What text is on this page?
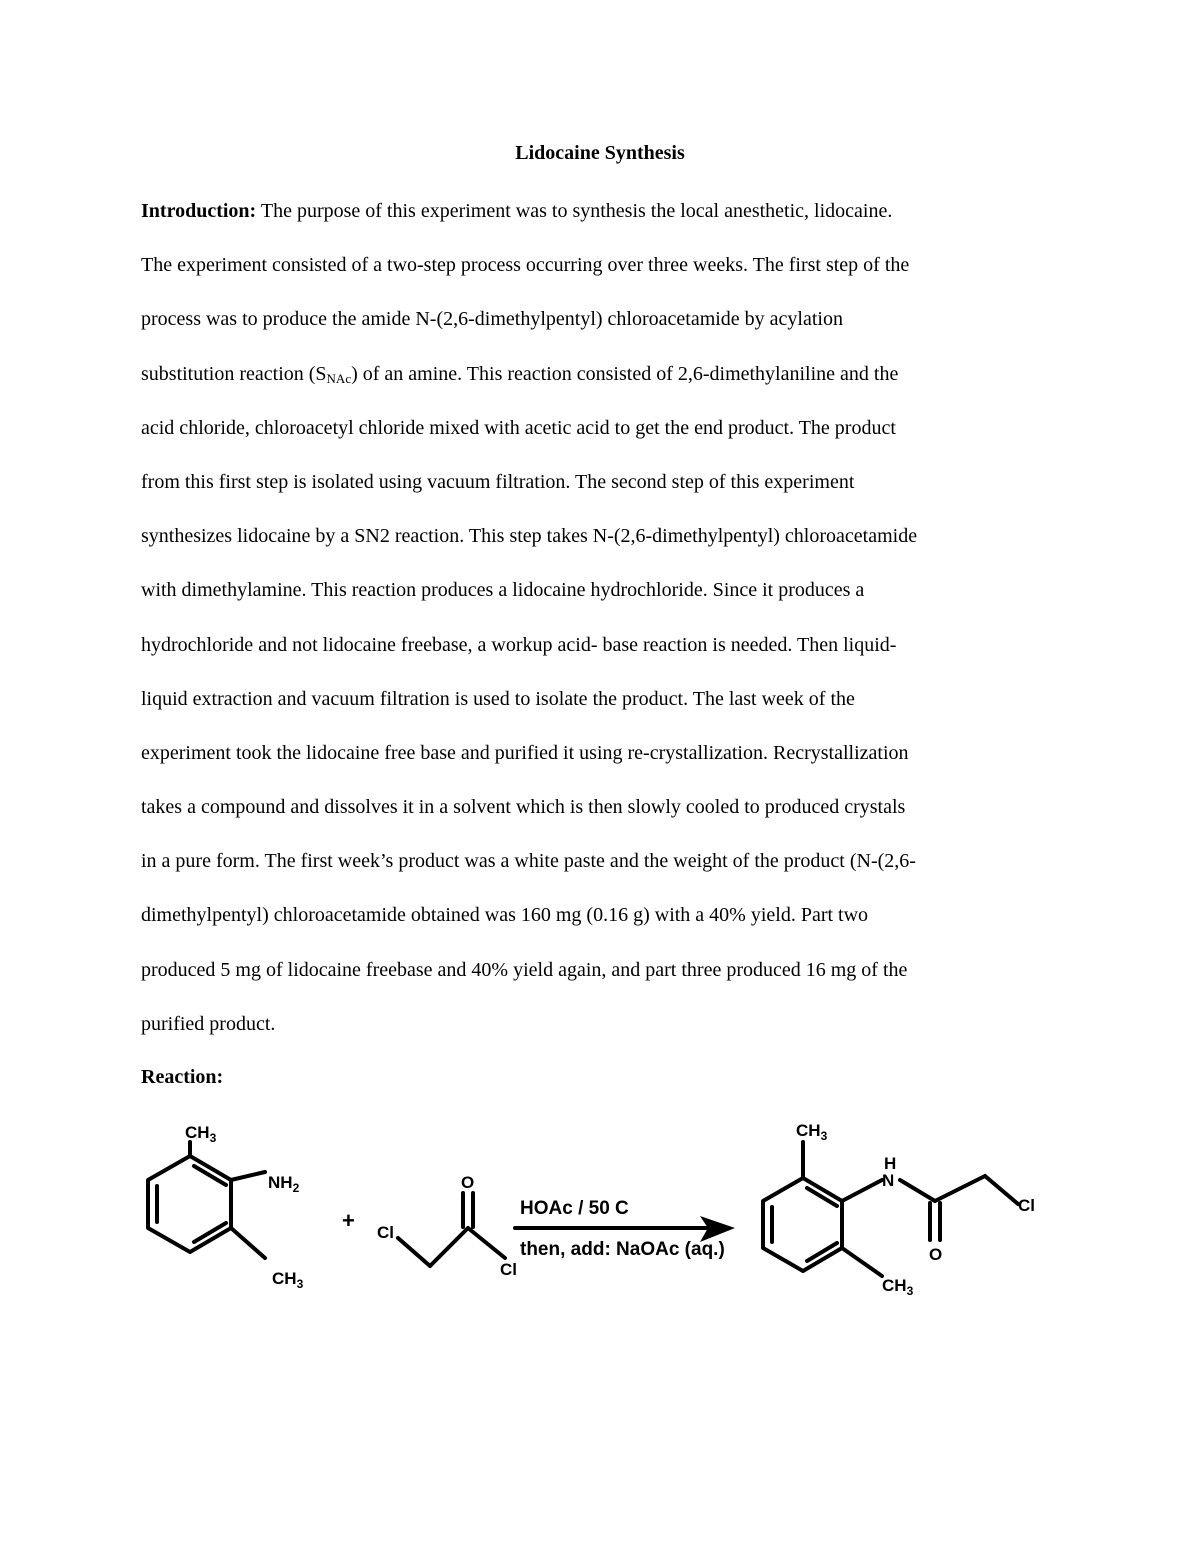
Lidocaine Synthesis
Introduction: The purpose of this experiment was to synthesis the local anesthetic, lidocaine.
The experiment consisted of a two-step process occurring over three weeks. The first step of the
process was to produce the amide N-(2,6-dimethylpentyl) chloroacetamide by acylation
substitution reaction $(S_{NAc})$ of an amine. This reaction consisted of 2,6-dimethylaniline and the
acid chloride, chloroacetyl chloride mixed with acetic acid to get the end product. The product
from this first step is isolated using vacuum filtration. The second step of this experiment
synthesizes lidocaine by a SN2 reaction. This step takes N-(2,6-dimethylpentyl) chloroacetamide
with dimethylamine. This reaction produces a lidocaine hydrochloride. Since it produces a
hydrochloride and not lidocaine freebase, a workup acid- base reaction is needed. Then liquid-
liquid extraction and vacuum filtration is used to isolate the product. The last week of the
experiment took the lidocaine free base and purified it using re-crystallization. Recrystallization
takes a compound and dissolves it in a solvent which is then slowly cooled to produced crystals
in a pure form. The first week’s product was a white paste and the weight of the product (N-(2,6-
dimethylpentyl) chloroacetamide obtained was 160 mg (0.16 g) with a 40% yield. Part two
produced 5 mg of lidocaine freebase and 40% yield again, and part three produced 16 mg of the
purified product.
Reaction:
$CH_3$
$NH_2$
$CH_3$
+ Cl
O
Cl
HOAc / 50 C
then, add: NaOAc (aq.)
$CH_3$
H
N
O
Cl
$CH_3$
